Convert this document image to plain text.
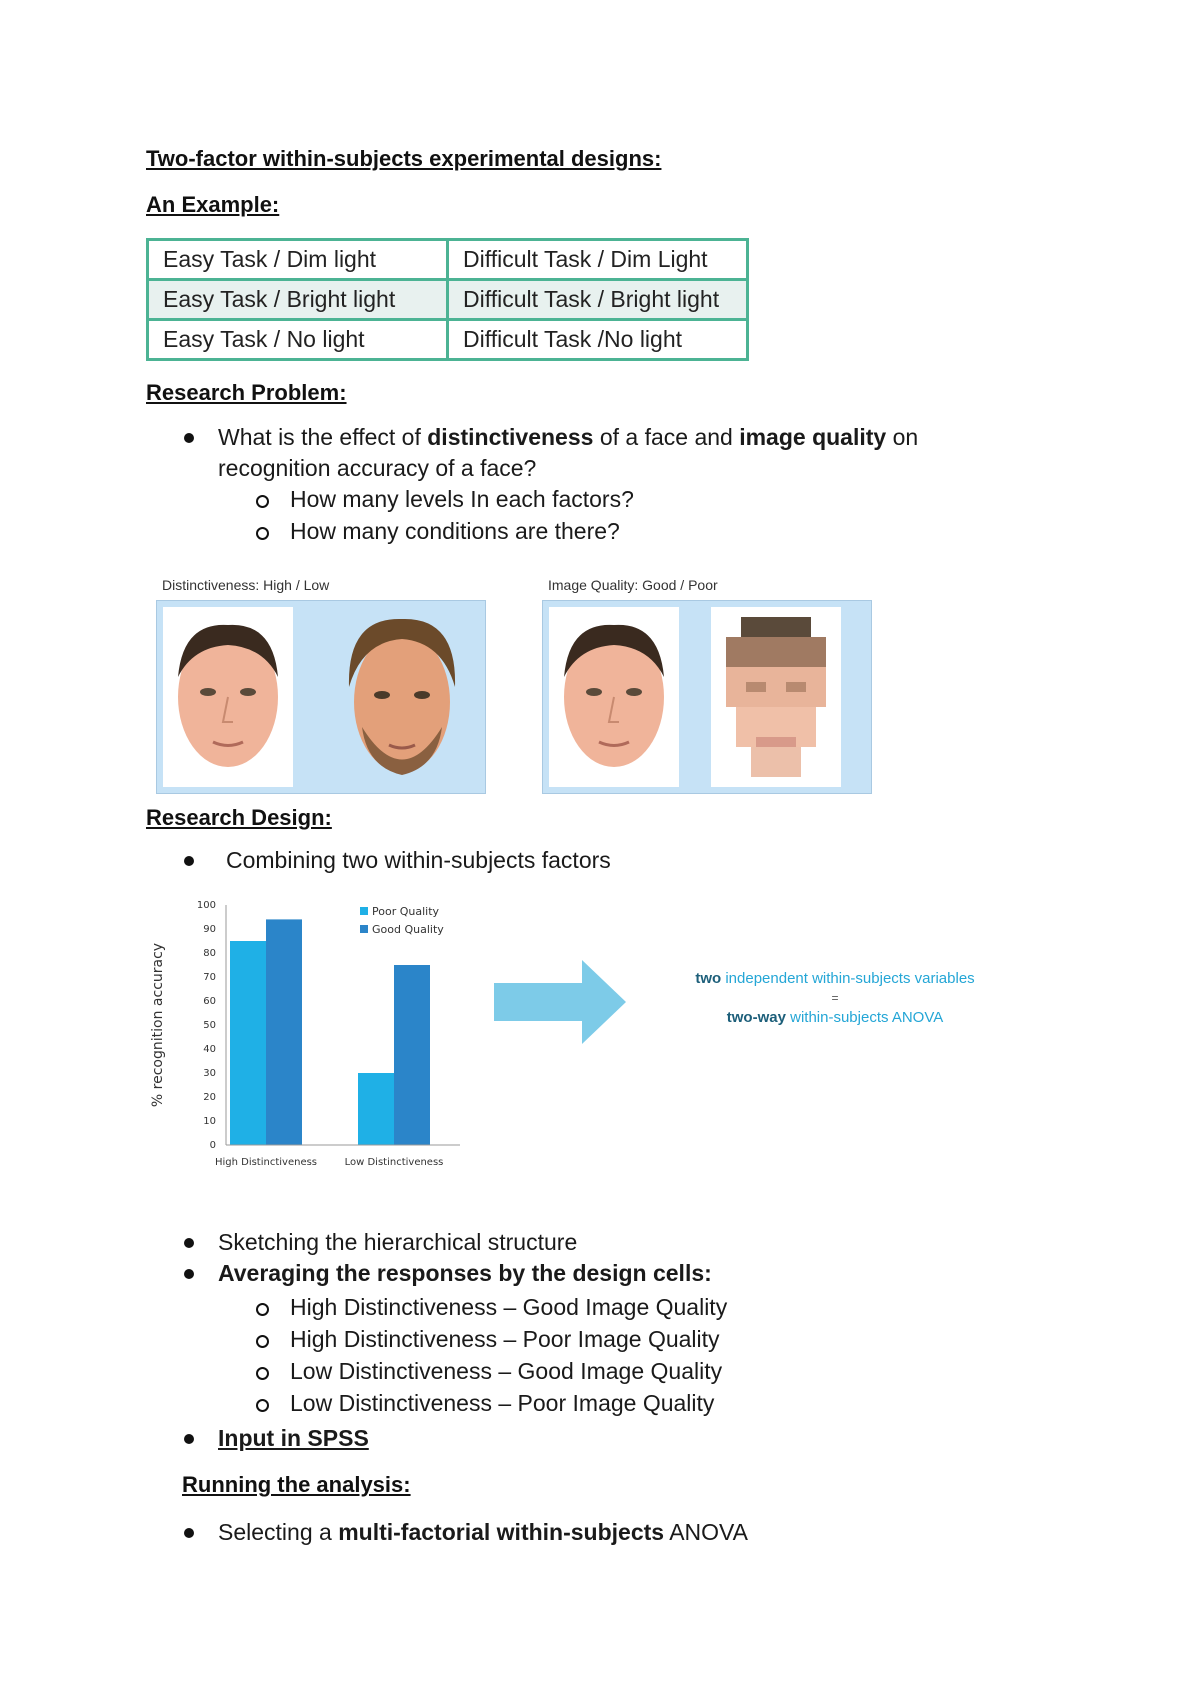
Two-factor within-subjects experimental designs:
An Example:
Easy Task / Dim light	Difficult Task / Dim Light
Easy Task / Bright light	Difficult Task / Bright light
Easy Task / No light	Difficult Task /No light
Research Problem:
What is the effect of distinctiveness of a face and image quality on
recognition accuracy of a face?
How many levels In each factors?
How many conditions are there?
Distinctiveness: High / Low	Image Quality: Good / Poor
Research Design:
Combining two within-subjects factors
0
10
20
30
40
50
60
70
80
90
100
% recognition accuracy
High Distinctiveness	Low Distinctiveness
Poor Quality
Good Quality
two independent within-subjects variables
=
two-way within-subjects ANOVA
Sketching the hierarchical structure
Averaging the responses by the design cells:
High Distinctiveness – Good Image Quality
High Distinctiveness – Poor Image Quality
Low Distinctiveness – Good Image Quality
Low Distinctiveness – Poor Image Quality
Input in SPSS
Running the analysis:
Selecting a multi-factorial within-subjects ANOVA
